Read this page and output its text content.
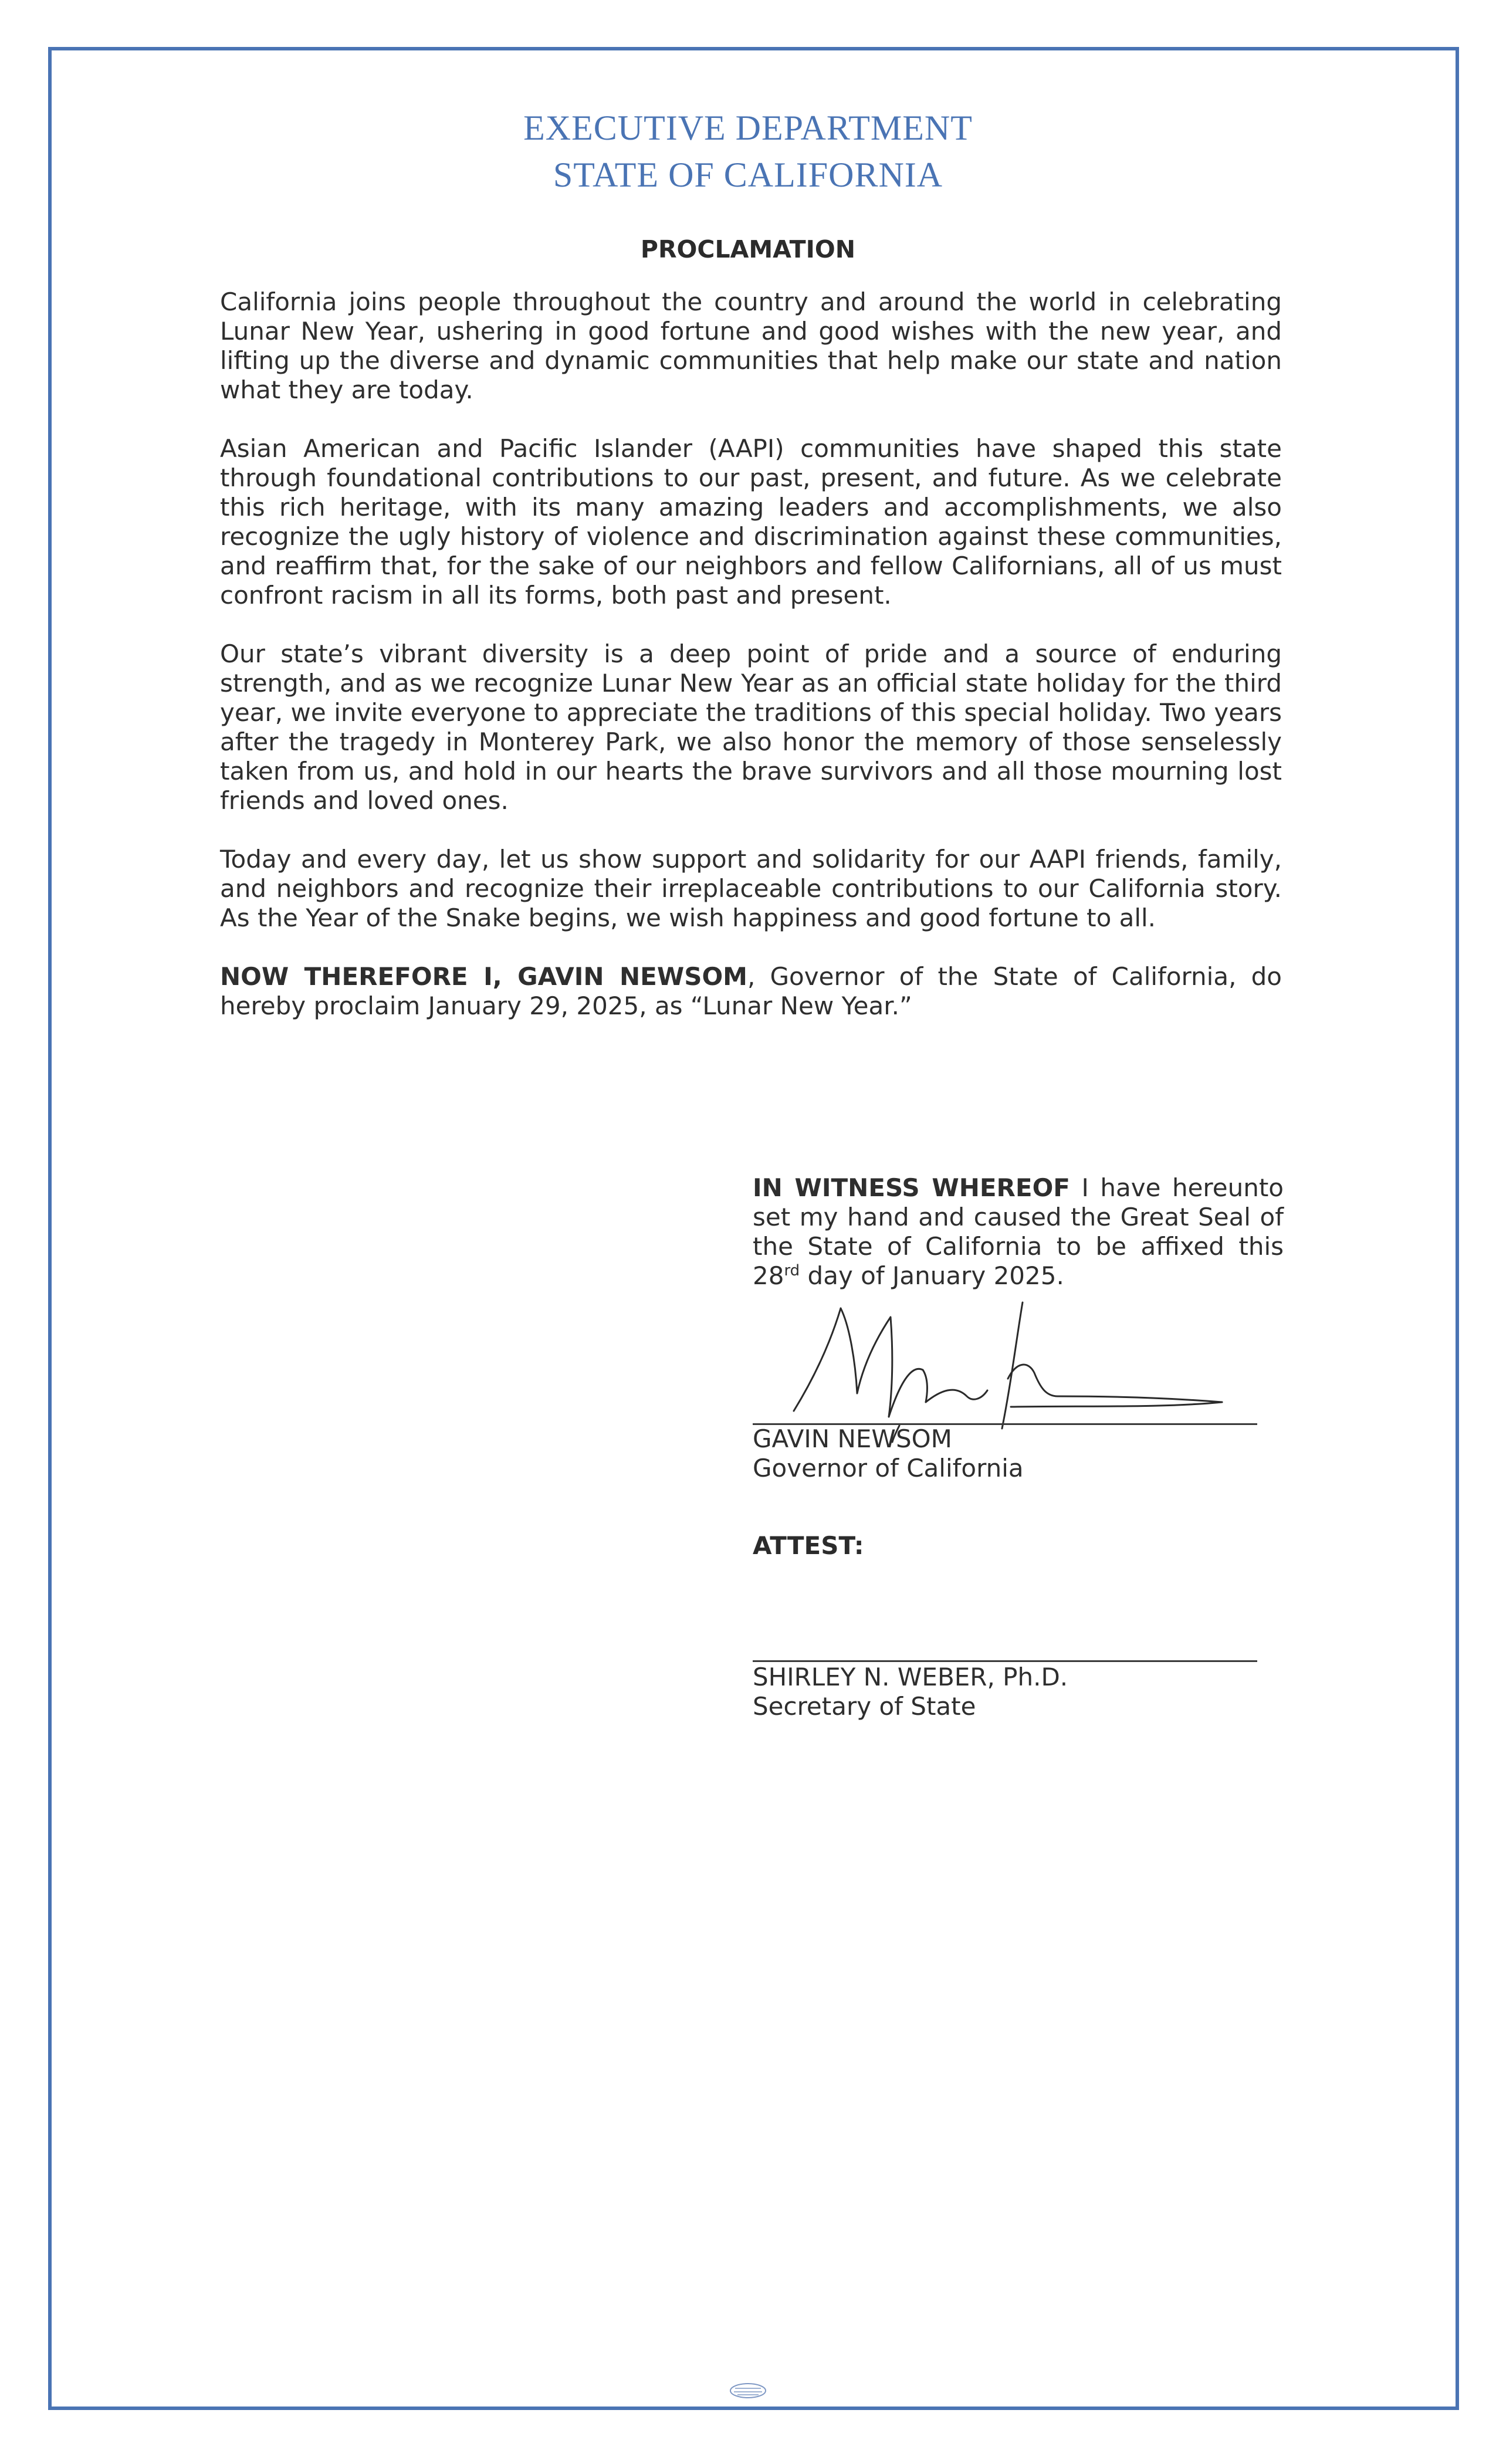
EXECUTIVE DEPARTMENT
STATE OF CALIFORNIA
PROCLAMATION

California joins people throughout the country and around the world in celebrating Lunar New Year, ushering in good fortune and good wishes with the new year, and lifting up the diverse and dynamic communities that help make our state and nation what they are today.

Asian American and Pacific Islander (AAPI) communities have shaped this state through foundational contributions to our past, present, and future. As we celebrate this rich heritage, with its many amazing leaders and accomplishments, we also recognize the ugly history of violence and discrimination against these communities, and reaffirm that, for the sake of our neighbors and fellow Californians, all of us must confront racism in all its forms, both past and present.

Our state’s vibrant diversity is a deep point of pride and a source of enduring strength, and as we recognize Lunar New Year as an official state holiday for the third year, we invite everyone to appreciate the traditions of this special holiday. Two years after the tragedy in Monterey Park, we also honor the memory of those senselessly taken from us, and hold in our hearts the brave survivors and all those mourning lost friends and loved ones.

Today and every day, let us show support and solidarity for our AAPI friends, family, and neighbors and recognize their irreplaceable contributions to our California story. As the Year of the Snake begins, we wish happiness and good fortune to all.

NOW THEREFORE I, GAVIN NEWSOM, Governor of the State of California, do hereby proclaim January 29, 2025, as “Lunar New Year.”

IN WITNESS WHEREOF I have hereunto set my hand and caused the Great Seal of the State of California to be affixed this 28rd day of January 2025.
GAVIN NEWSOM
Governor of California
ATTEST:
SHIRLEY N. WEBER, Ph.D.
Secretary of State
